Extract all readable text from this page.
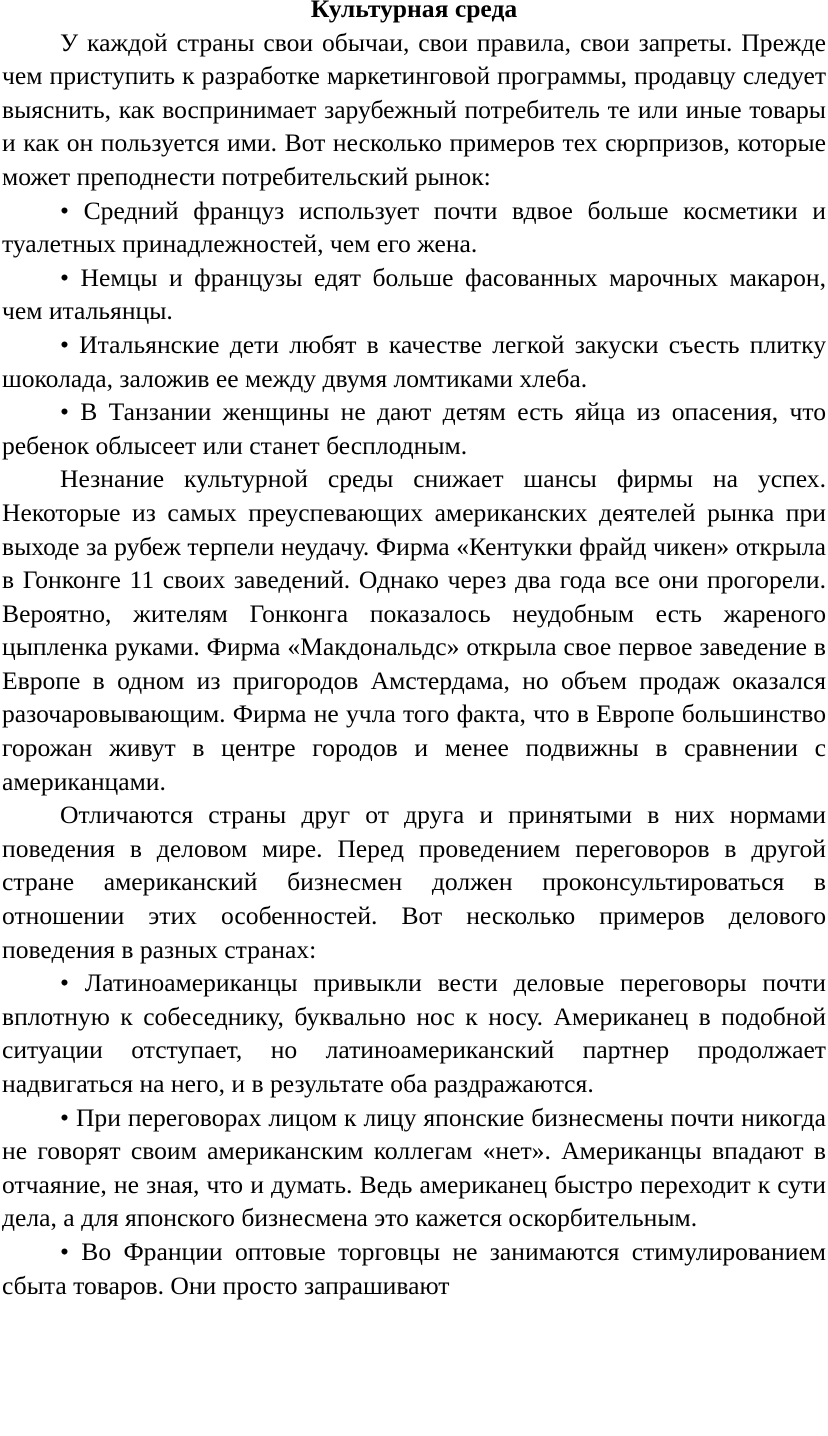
Культурная среда

У каждой страны свои обычаи, свои правила, свои запреты. Прежде чем приступить к разработке маркетинговой программы, продавцу следует выяснить, как воспринимает зарубежный потребитель те или иные товары и как он пользуется ими. Вот несколько примеров тех сюрпризов, которые может преподнести потребительский рынок:

• Средний француз использует почти вдвое больше косметики и туалетных принадлежностей, чем его жена.

• Немцы и французы едят больше фасованных марочных макарон, чем итальянцы.

• Итальянские дети любят в качестве легкой закуски съесть плитку шоколада, заложив ее между двумя ломтиками хлеба.

• В Танзании женщины не дают детям есть яйца из опасения, что ребенок облысеет или станет бесплодным.

Незнание культурной среды снижает шансы фирмы на успех. Некоторые из самых преуспевающих американских деятелей рынка при выходе за рубеж терпели неудачу. Фирма «Кентукки фрайд чикен» открыла в Гонконге 11 своих заведений. Однако через два года все они прогорели. Вероятно, жителям Гонконга показалось неудобным есть жареного цыпленка руками. Фирма «Макдональдс» открыла свое первое заведение в Европе в одном из пригородов Амстердама, но объем продаж оказался разочаровывающим. Фирма не учла того факта, что в Европе большинство горожан живут в центре городов и менее подвижны в сравнении с американцами.

Отличаются страны друг от друга и принятыми в них нормами поведения в деловом мире. Перед проведением переговоров в другой стране американский бизнесмен должен проконсультироваться в отношении этих особенностей. Вот несколько примеров делового поведения в разных странах:

• Латиноамериканцы привыкли вести деловые переговоры почти вплотную к собеседнику, буквально нос к носу. Американец в подобной ситуации отступает, но латиноамериканский партнер продолжает надвигаться на него, и в результате оба раздражаются.

• При переговорах лицом к лицу японские бизнесмены почти никогда не говорят своим американским коллегам «нет». Американцы впадают в отчаяние, не зная, что и думать. Ведь американец быстро переходит к сути дела, а для японского бизнесмена это кажется оскорбительным.

• Во Франции оптовые торговцы не занимаются стимулированием сбыта товаров. Они просто запрашивают
